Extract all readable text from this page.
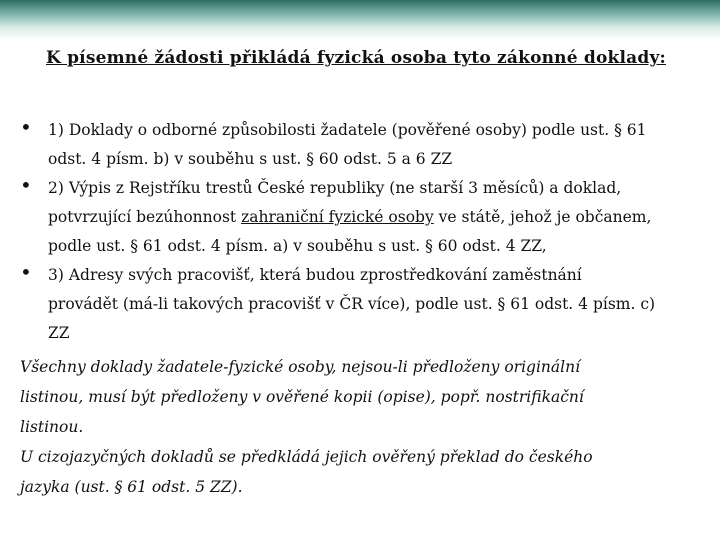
K písemné žádosti přikládá fyzická osoba tyto zákonné doklady:
• 1) Doklady o odborné způsobilosti žadatele (pověřené osoby) podle ust. § 61
odst. 4 písm. b) v souběhu s ust. § 60 odst. 5 a 6 ZZ
• 2) Výpis z Rejstříku trestů České republiky (ne starší 3 měsíců) a doklad,
potvrzující bezúhonnost zahraniční fyzické osoby ve státě, jehož je občanem,
podle ust. § 61 odst. 4 písm. a) v souběhu s ust. § 60 odst. 4 ZZ,
• 3) Adresy svých pracovišť, která budou zprostředkování zaměstnání
provádět (má-li takových pracovišť v ČR více), podle ust. § 61 odst. 4 písm. c)
ZZ
Všechny doklady žadatele-fyzické osoby, nejsou-li předloženy originální
listinou, musí být předloženy v ověřené kopii (opise), popř. nostrifikační
listinou.
U cizojazyčných dokladů se předkládá jejich ověřený překlad do českého
jazyka (ust. § 61 odst. 5 ZZ).
